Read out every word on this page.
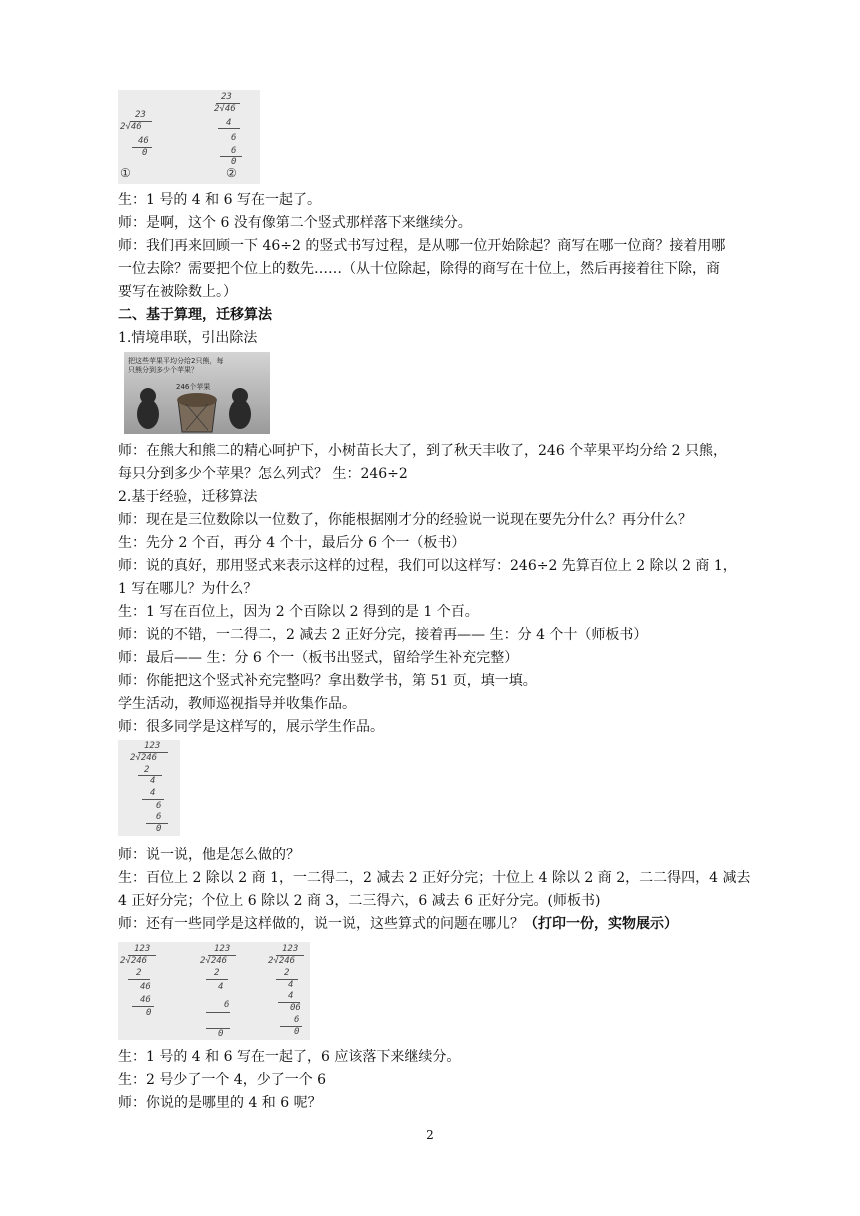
23
2√46
46
0
①
23
2√46
4
6
6
0
②
生：1 号的 4 和 6 写在一起了。
师：是啊，这个 6 没有像第二个竖式那样落下来继续分。
师：我们再来回顾一下 46÷2 的竖式书写过程，是从哪一位开始除起？商写在哪一位商？接着用哪
一位去除？需要把个位上的数先……（从十位除起，除得的商写在十位上，然后再接着往下除，商
要写在被除数上。）
二、基于算理，迁移算法
1.情境串联，引出除法
把这些苹果平均分给2只熊，每只熊分到多少个苹果？
246个苹果
师：在熊大和熊二的精心呵护下，小树苗长大了，到了秋天丰收了，246 个苹果平均分给 2 只熊，
每只分到多少个苹果？怎么列式？ 生：246÷2
2.基于经验，迁移算法
师：现在是三位数除以一位数了，你能根据刚才分的经验说一说现在要先分什么？再分什么？
生：先分 2 个百，再分 4 个十，最后分 6 个一（板书）
师：说的真好，那用竖式来表示这样的过程，我们可以这样写：246÷2 先算百位上 2 除以 2 商 1，
1 写在哪儿？为什么？
生：1 写在百位上，因为 2 个百除以 2 得到的是 1 个百。
师：说的不错，一二得二，2 减去 2 正好分完，接着再—— 生：分 4 个十（师板书）
师：最后—— 生：分 6 个一（板书出竖式，留给学生补充完整）
师：你能把这个竖式补充完整吗？拿出数学书，第 51 页，填一填。
学生活动，教师巡视指导并收集作品。
师：很多同学是这样写的，展示学生作品。
123
2√246
2
4
4
6
6
0
师：说一说，他是怎么做的？
生：百位上 2 除以 2 商 1，一二得二，2 减去 2 正好分完；十位上 4 除以 2 商 2，二二得四，4 减去
4 正好分完；个位上 6 除以 2 商 3，二三得六，6 减去 6 正好分完。(师板书)
师：还有一些同学是这样做的，说一说，这些算式的问题在哪儿？（打印一份，实物展示）
123
2√246
2
46
46
0
123
2√246
2
4
6
0
123
2√246
2
4
4
06
6
0
生：1 号的 4 和 6 写在一起了，6 应该落下来继续分。
生：2 号少了一个 4，少了一个 6
师：你说的是哪里的 4 和 6 呢？
2
